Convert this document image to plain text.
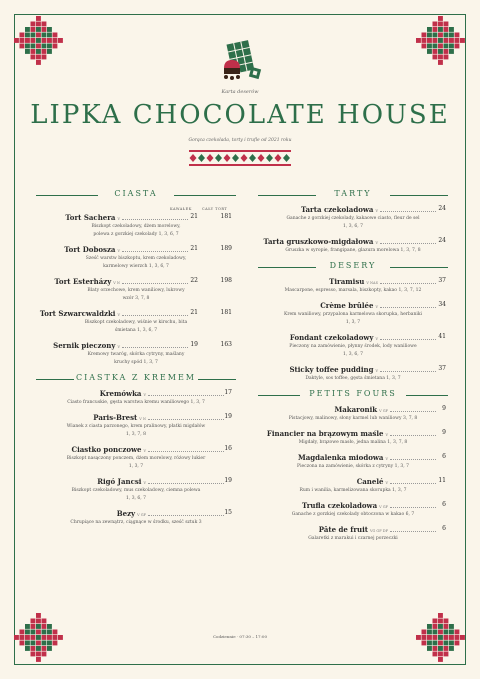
Karta deserów
LIPKA CHOCOLATE HOUSE
Gorąca czekolada, torty i trufle od 2021 roku
CIASTA
KAWAŁEK	CAŁY TORT
Tort Sachera V	21	181
Biszkopt czekoladowy, dżem morelowy,
polewa z gorzkiej czekolady 1, 3, 6, 7
Tort Dobosza V	21	189
Sześć warstw biszkoptu, krem czekoladowy,
karmelowy wierzch 1, 3, 6, 7
Tort Esterházy V N	22	198
Blaty orzechowe, krem waniliowy, lukrowy
wzór 3, 7, 8
Tort Szwarcwaldzki V	21	181
Biszkopt czekoladowy, wiśnie w kirschu, bita
śmietana 1, 3, 6, 7
Sernik pieczony V	19	163
Kremowy twaróg, skórka cytryny, maślany
kruchy spód 1, 3, 7
CIASTKA Z KREMEM
Kremówka V	17
Ciasto francuskie, gęsta warstwa kremu waniliowego 1, 3, 7
Paris-Brest V N	19
Wianek z ciasta parzonego, krem pralinowy, płatki migdałów
1, 3, 7, 8
Ciastko ponczowe V	16
Biszkopt nasączony ponczem, dżem morelowy, różowy lukier
1, 3, 7
Rigó Jancsi V	19
Biszkopt czekoladowy, mus czekoladowy, ciemna polewa
1, 3, 6, 7
Bezy V GF	15
Chrupiące na zewnątrz, ciągnące w środku, sześć sztuk 3
TARTY
Tarta czekoladowa V	24
Ganache z gorzkiej czekolady, kakaowe ciasto, fleur de sel
1, 3, 6, 7
Tarta gruszkowo-migdałowa V	24
Gruszka w syropie, frangipane, glazura morelowa 1, 3, 7, 8
DESERY
Tiramisu V NAS	37
Mascarpone, espresso, marsala, biszkopty, kakao 1, 3, 7, 12
Crème brûlée V	34
Krem waniliowy, przypalona karmelowa skorupka, herbaniki
1, 3, 7
Fondant czekoladowy V	41
Pieczony na zamówienie, płynny środek, lody waniliowe
1, 3, 6, 7
Sticky toffee pudding V	37
Daktyle, sos toffee, gęsta śmietana 1, 3, 7
PETITS FOURS
Makaronik V GF	9
Pistacjowy, malinowy, słony karmel lub waniliowy 3, 7, 8
Financier na brązowym maśle V	9
Migdały, brązowe masło, jedna malina 1, 3, 7, 8
Magdalenka miodowa V	6
Pieczona na zamówienie, skórka z cytryny 1, 3, 7
Canelé V	11
Rum i wanilia, karmelizowana skorupka 1, 3, 7
Trufla czekoladowa V GF	6
Ganache z gorzkiej czekolady obtoczona w kakao 6, 7
Pâte de fruit VG GF DF	6
Galaretki z marakui i czarnej porzeczki
Codziennie · 07:30 – 17:00
